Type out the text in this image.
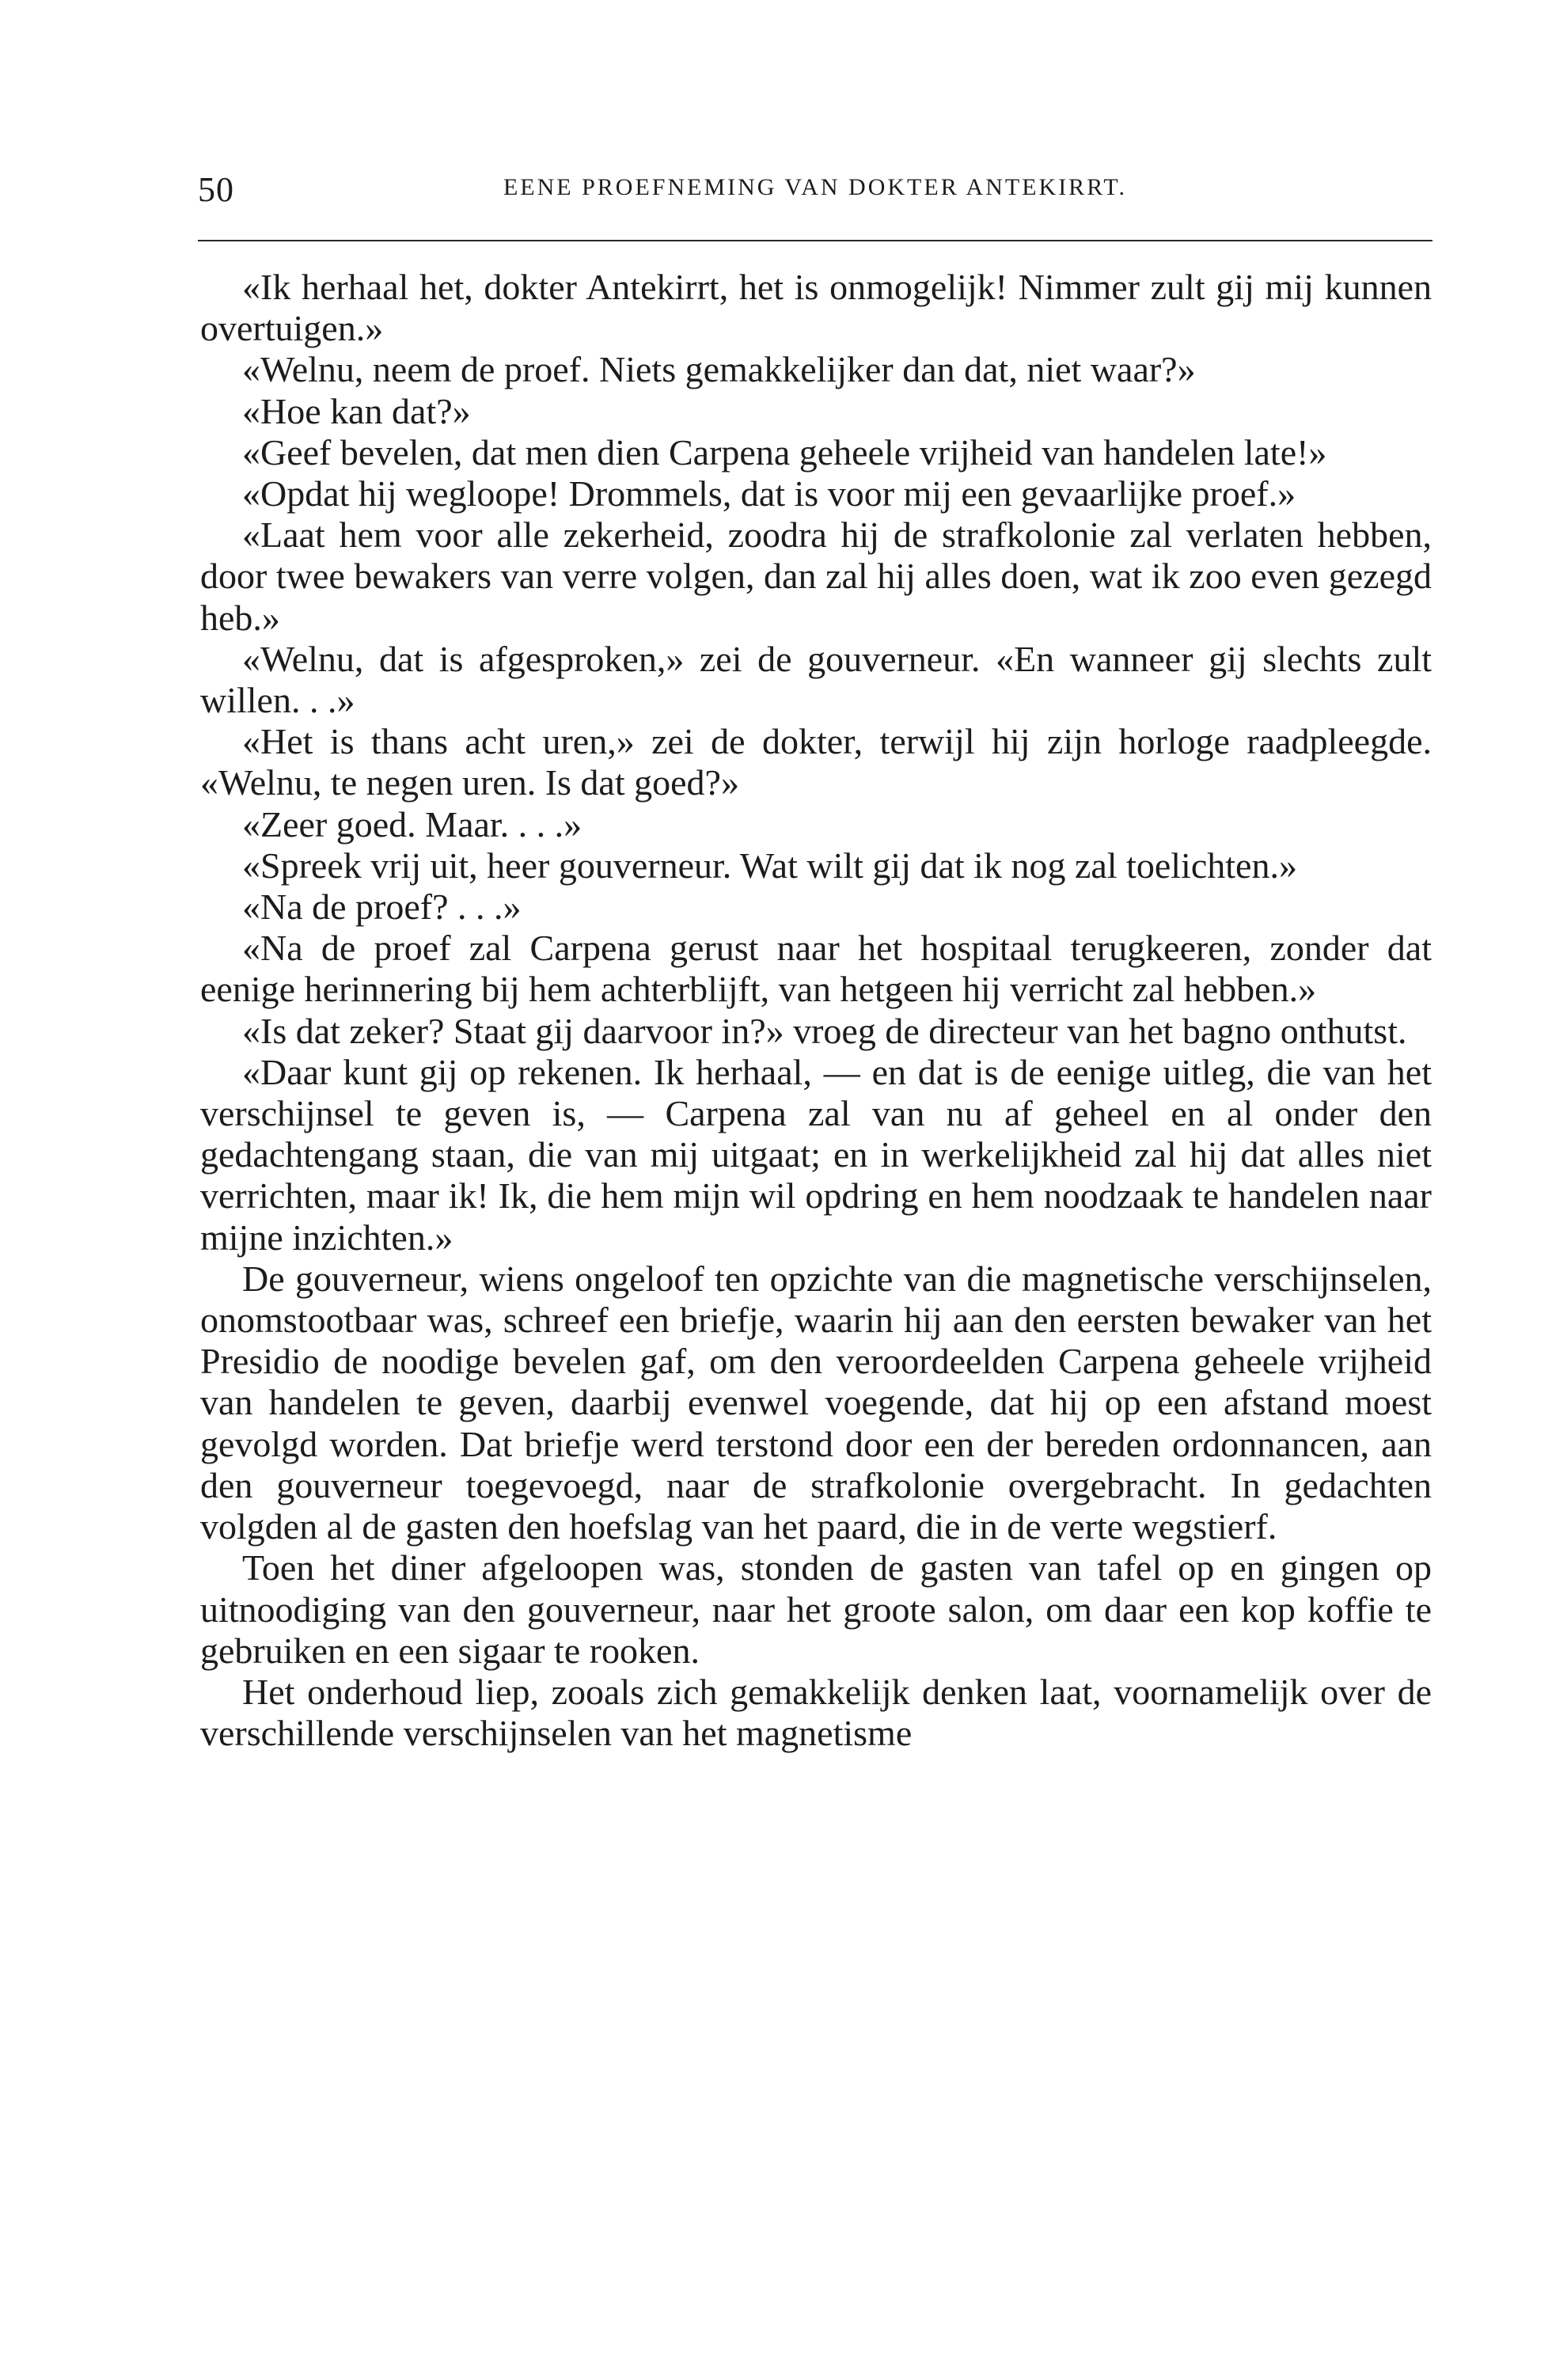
50	EENE PROEFNEMING VAN DOKTER ANTEKIRRT.

«Ik herhaal het, dokter Antekirrt, het is onmogelijk! Nimmer zult gij mij kunnen overtuigen.»

«Welnu, neem de proef. Niets gemakkelijker dan dat, niet waar?»

«Hoe kan dat?»

«Geef bevelen, dat men dien Carpena geheele vrijheid van handelen late!»

«Opdat hij wegloope! Drommels, dat is voor mij een gevaarlijke proef.»

«Laat hem voor alle zekerheid, zoodra hij de strafkolonie zal verlaten hebben, door twee bewakers van verre volgen, dan zal hij alles doen, wat ik zoo even gezegd heb.»

«Welnu, dat is afgesproken,» zei de gouverneur. «En wanneer gij slechts zult willen. . .»

«Het is thans acht uren,» zei de dokter, terwijl hij zijn horloge raadpleegde. «Welnu, te negen uren. Is dat goed?»

«Zeer goed. Maar. . . .»

«Spreek vrij uit, heer gouverneur. Wat wilt gij dat ik nog zal toelichten.»

«Na de proef? . . .»

«Na de proef zal Carpena gerust naar het hospitaal terugkeeren, zonder dat eenige herinnering bij hem achterblijft, van hetgeen hij verricht zal hebben.»

«Is dat zeker? Staat gij daarvoor in?» vroeg de directeur van het bagno onthutst.

«Daar kunt gij op rekenen. Ik herhaal, — en dat is de eenige uitleg, die van het verschijnsel te geven is, — Carpena zal van nu af geheel en al onder den gedachtengang staan, die van mij uitgaat; en in werkelijkheid zal hij dat alles niet verrichten, maar ik! Ik, die hem mijn wil opdring en hem noodzaak te handelen naar mijne inzichten.»

De gouverneur, wiens ongeloof ten opzichte van die magnetische verschijnselen, onomstootbaar was, schreef een briefje, waarin hij aan den eersten bewaker van het Presidio de noodige bevelen gaf, om den veroordeelden Carpena geheele vrijheid van handelen te geven, daarbij evenwel voegende, dat hij op een afstand moest gevolgd worden. Dat briefje werd terstond door een der bereden ordonnancen, aan den gouverneur toegevoegd, naar de strafkolonie overgebracht. In gedachten volgden al de gasten den hoefslag van het paard, die in de verte wegstierf.

Toen het diner afgeloopen was, stonden de gasten van tafel op en gingen op uitnoodiging van den gouverneur, naar het groote salon, om daar een kop koffie te gebruiken en een sigaar te rooken.

Het onderhoud liep, zooals zich gemakkelijk denken laat, voornamelijk over de verschillende verschijnselen van het magnetisme
